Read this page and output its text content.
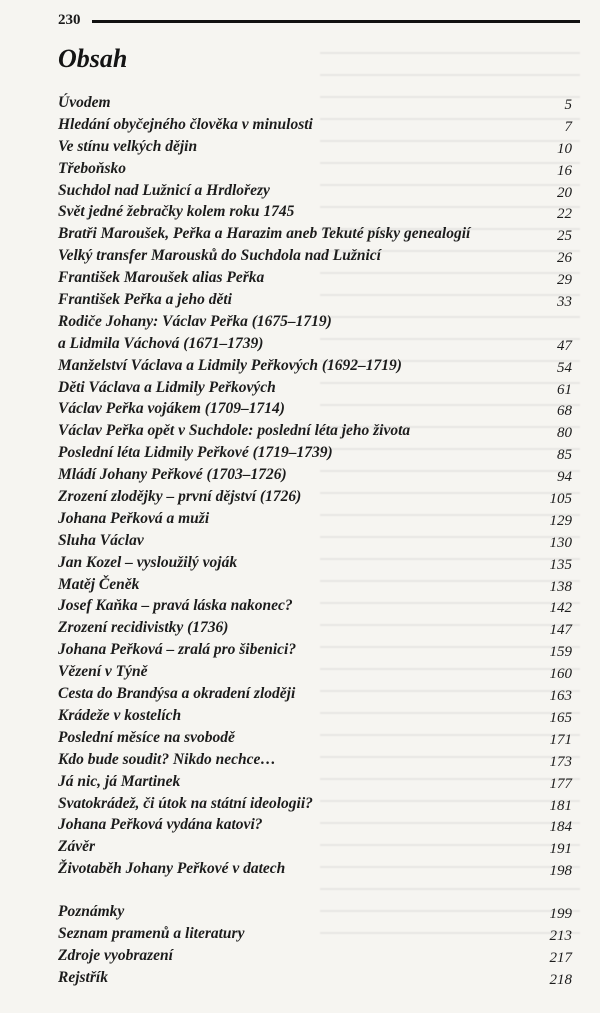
230
Obsah
Úvodem	5
Hledání obyčejného člověka v minulosti	7
Ve stínu velkých dějin	10
Třeboňsko	16
Suchdol nad Lužnicí a Hrdlořezy	20
Svět jedné žebračky kolem roku 1745	22
Bratři Maroušek, Peřka a Harazim aneb Tekuté písky genealogií	25
Velký transfer Marousků do Suchdola nad Lužnicí	26
František Maroušek alias Peřka	29
František Peřka a jeho děti	33
Rodiče Johany: Václav Peřka (1675–1719)
a Lidmila Váchová (1671–1739)	47
Manželství Václava a Lidmily Peřkových (1692–1719)	54
Děti Václava a Lidmily Peřkových	61
Václav Peřka vojákem (1709–1714)	68
Václav Peřka opět v Suchdole: poslední léta jeho života	80
Poslední léta Lidmily Peřkové (1719–1739)	85
Mládí Johany Peřkové (1703–1726)	94
Zrození zlodějky – první dějství (1726)	105
Johana Peřková a muži	129
Sluha Václav	130
Jan Kozel – vysloužilý voják	135
Matěj Čeněk	138
Josef Kaňka – pravá láska nakonec?	142
Zrození recidivistky (1736)	147
Johana Peřková – zralá pro šibenici?	159
Vězení v Týně	160
Cesta do Brandýsa a okradení zloději	163
Krádeže v kostelích	165
Poslední měsíce na svobodě	171
Kdo bude soudit? Nikdo nechce…	173
Já nic, já Martinek	177
Svatokrádež, či útok na státní ideologii?	181
Johana Peřková vydána katovi?	184
Závěr	191
Životaběh Johany Peřkové v datech	198
Poznámky	199
Seznam pramenů a literatury	213
Zdroje vyobrazení	217
Rejstřík	218
